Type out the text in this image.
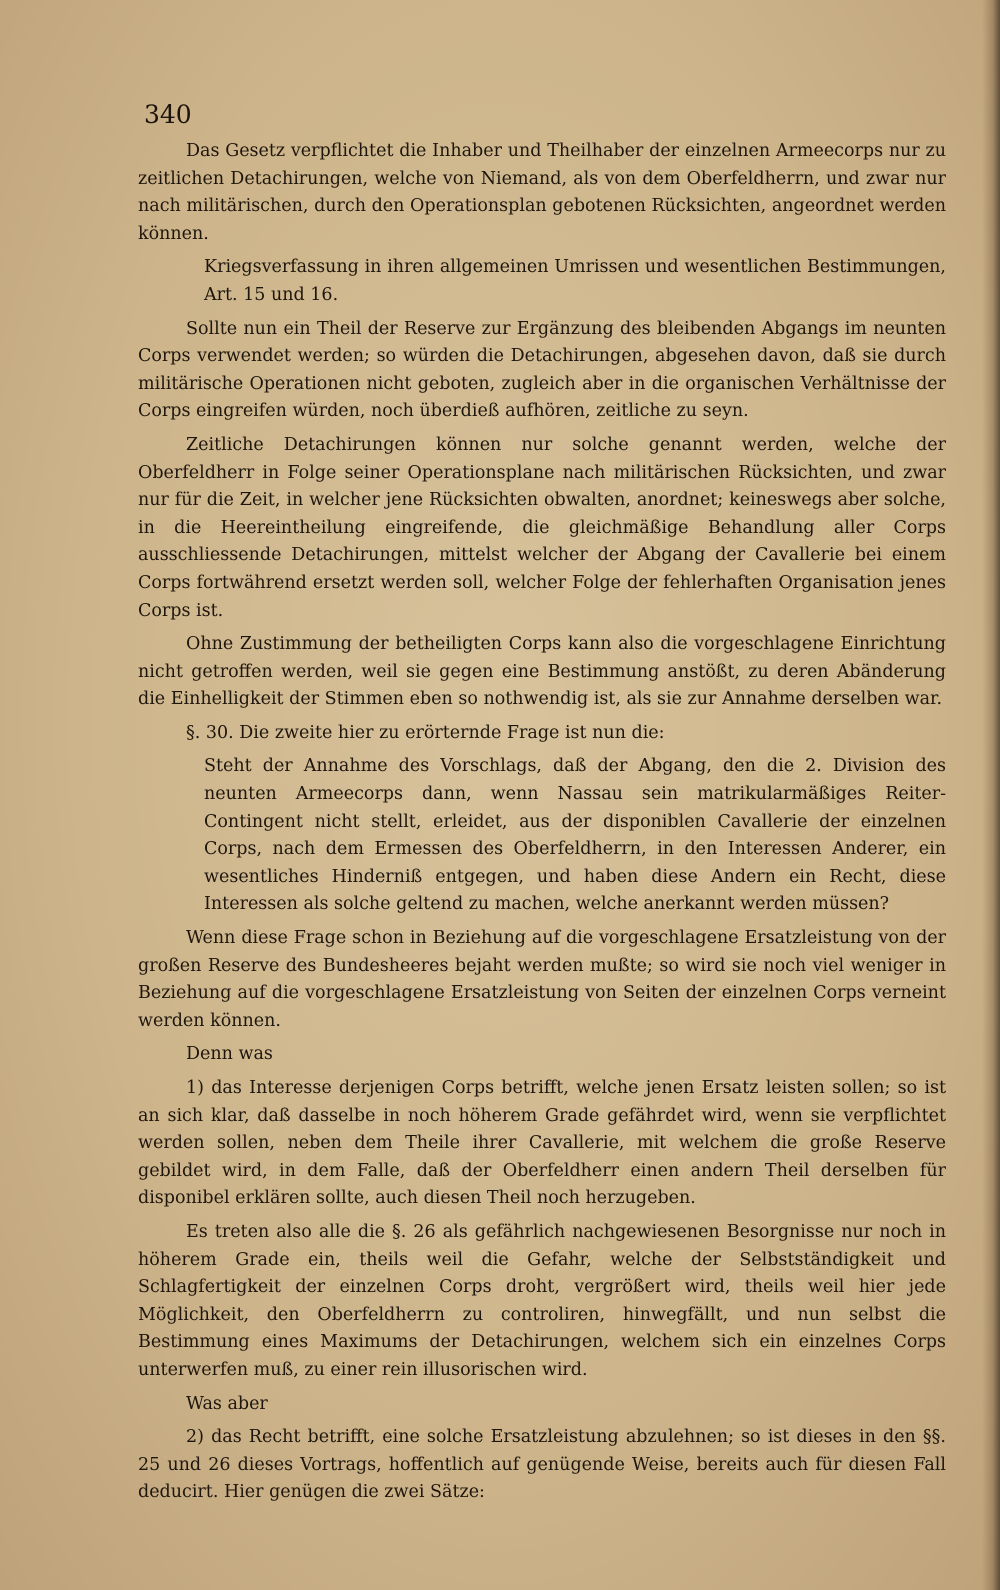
340

Das Gesetz verpflichtet die Inhaber und Theilhaber der einzelnen Armeecorps nur zu zeitlichen Detachirungen, welche von Niemand, als von dem Oberfeldherrn, und zwar nur nach militärischen, durch den Operationsplan gebotenen Rücksichten, angeordnet werden können.

Kriegsverfassung in ihren allgemeinen Umrissen und wesentlichen Bestimmungen, Art. 15 und 16.

Sollte nun ein Theil der Reserve zur Ergänzung des bleibenden Abgangs im neunten Corps verwendet werden; so würden die Detachirungen, abgesehen davon, daß sie durch militärische Operationen nicht geboten, zugleich aber in die organischen Verhältnisse der Corps eingreifen würden, noch überdieß aufhören, zeitliche zu seyn.

Zeitliche Detachirungen können nur solche genannt werden, welche der Oberfeldherr in Folge seiner Operationsplane nach militärischen Rücksichten, und zwar nur für die Zeit, in welcher jene Rücksichten obwalten, anordnet; keineswegs aber solche, in die Heereintheilung eingreifende, die gleichmäßige Behandlung aller Corps ausschliessende Detachirungen, mittelst welcher der Abgang der Cavallerie bei einem Corps fortwährend ersetzt werden soll, welcher Folge der fehlerhaften Organisation jenes Corps ist.

Ohne Zustimmung der betheiligten Corps kann also die vorgeschlagene Einrichtung nicht getroffen werden, weil sie gegen eine Bestimmung anstößt, zu deren Abänderung die Einhelligkeit der Stimmen eben so nothwendig ist, als sie zur Annahme derselben war.

§. 30. Die zweite hier zu erörternde Frage ist nun die:

Steht der Annahme des Vorschlags, daß der Abgang, den die 2. Division des neunten Armeecorps dann, wenn Nassau sein matrikularmäßiges Reiter-Contingent nicht stellt, erleidet, aus der disponiblen Cavallerie der einzelnen Corps, nach dem Ermessen des Oberfeldherrn, in den Interessen Anderer, ein wesentliches Hinderniß entgegen, und haben diese Andern ein Recht, diese Interessen als solche geltend zu machen, welche anerkannt werden müssen?

Wenn diese Frage schon in Beziehung auf die vorgeschlagene Ersatzleistung von der großen Reserve des Bundesheeres bejaht werden mußte; so wird sie noch viel weniger in Beziehung auf die vorgeschlagene Ersatzleistung von Seiten der einzelnen Corps verneint werden können.

Denn was

1) das Interesse derjenigen Corps betrifft, welche jenen Ersatz leisten sollen; so ist an sich klar, daß dasselbe in noch höherem Grade gefährdet wird, wenn sie verpflichtet werden sollen, neben dem Theile ihrer Cavallerie, mit welchem die große Reserve gebildet wird, in dem Falle, daß der Oberfeldherr einen andern Theil derselben für disponibel erklären sollte, auch diesen Theil noch herzugeben.

Es treten also alle die §. 26 als gefährlich nachgewiesenen Besorgnisse nur noch in höherem Grade ein, theils weil die Gefahr, welche der Selbstständigkeit und Schlagfertigkeit der einzelnen Corps droht, vergrößert wird, theils weil hier jede Möglichkeit, den Oberfeldherrn zu controliren, hinwegfällt, und nun selbst die Bestimmung eines Maximums der Detachirungen, welchem sich ein einzelnes Corps unterwerfen muß, zu einer rein illusorischen wird.

Was aber

2) das Recht betrifft, eine solche Ersatzleistung abzulehnen; so ist dieses in den §§. 25 und 26 dieses Vortrags, hoffentlich auf genügende Weise, bereits auch für diesen Fall deducirt. Hier genügen die zwei Sätze:
